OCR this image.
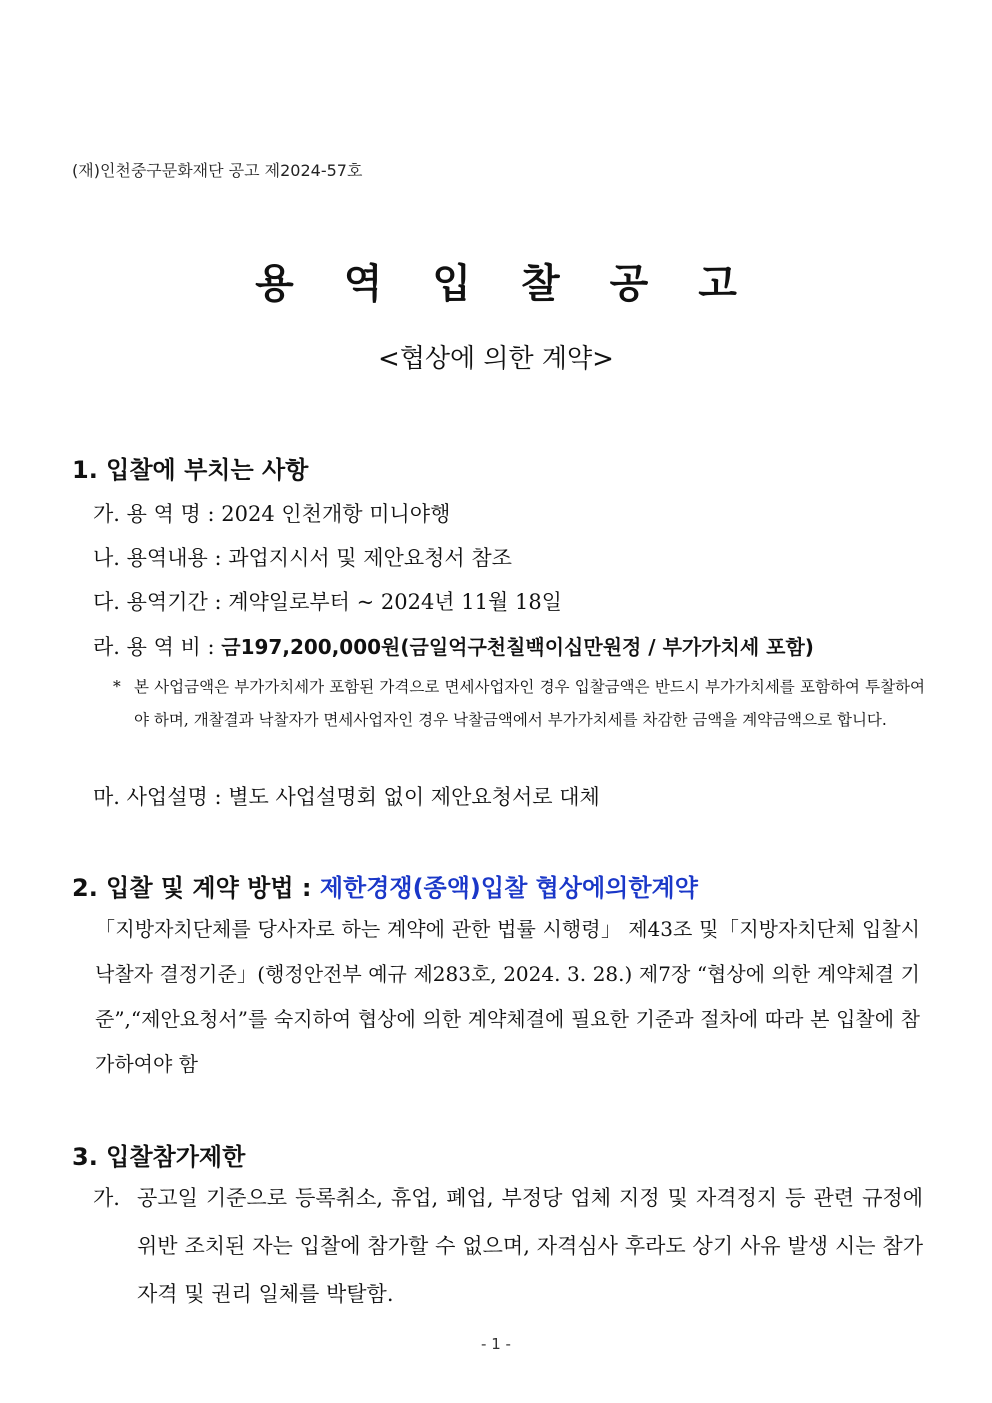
(재)인천중구문화재단 공고 제2024-57호
용 역 입 찰 공 고
<협상에 의한 계약>
1. 입찰에 부치는 사항
가. 용 역 명 : 2024 인천개항 미니야행
나. 용역내용 : 과업지시서 및 제안요청서 참조
다. 용역기간 : 계약일로부터 ~ 2024년 11월 18일
라. 용 역 비 : 금197,200,000원(금일억구천칠백이십만원정 / 부가가치세 포함)
* 본 사업금액은 부가가치세가 포함된 가격으로 면세사업자인 경우 입찰금액은 반드시 부가가치세를 포함하여 투찰하여야 하며, 개찰결과 낙찰자가 면세사업자인 경우 낙찰금액에서 부가가치세를 차감한 금액을 계약금액으로 합니다.
마. 사업설명 : 별도 사업설명회 없이 제안요청서로 대체
2. 입찰 및 계약 방법 : 제한경쟁(종액)입찰 협상에의한계약
「지방자치단체를 당사자로 하는 계약에 관한 법률 시행령」 제43조 및「지방자치단체 입찰시 낙찰자 결정기준」(행정안전부 예규 제283호, 2024. 3. 28.) 제7장 “협상에 의한 계약체결 기준”,“제안요청서”를 숙지하여 협상에 의한 계약체결에 필요한 기준과 절차에 따라 본 입찰에 참가하여야 함
3. 입찰참가제한
가. 공고일 기준으로 등록취소, 휴업, 폐업, 부정당 업체 지정 및 자격정지 등 관련 규정에 위반 조치된 자는 입찰에 참가할 수 없으며, 자격심사 후라도 상기 사유 발생 시는 참가 자격 및 권리 일체를 박탈함.
- 1 -
